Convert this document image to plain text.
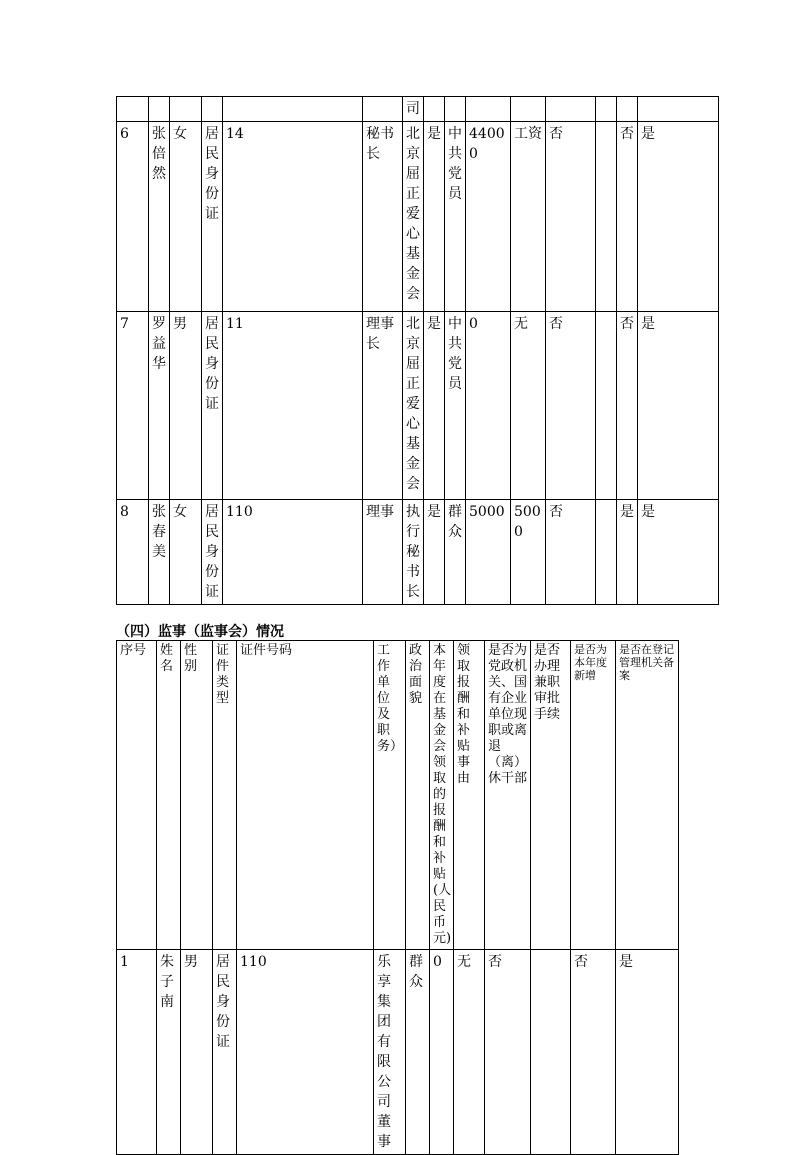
						司								
6	张倍然	女	居民身份证	14	秘书长	北京屈正爱心基金会	是	中共党员	44000	工资	否		否	是
7	罗益华	男	居民身份证	11	理事长	北京屈正爱心基金会	是	中共党员	0	无	否		否	是
8	张春美	女	居民身份证	110	理事	执行秘书长	是	群众	5000	5000	否		是	是
（四）监事（监事会）情况
序号	姓名	性别	证件类型	证件号码	工作单位及职务）	政治面貌	本年度在基金会领取的报酬和补贴(人民币元)	领取报酬和补贴事由	是否为党政机关、国有企业单位现职或离退（离）休干部	是否办理兼职审批手续	是否为本年度新增	是否在登记管理机关备案
1	朱子南	男	居民身份证	110	乐享集团有限公司董事	群众	0	无	否		否	是
